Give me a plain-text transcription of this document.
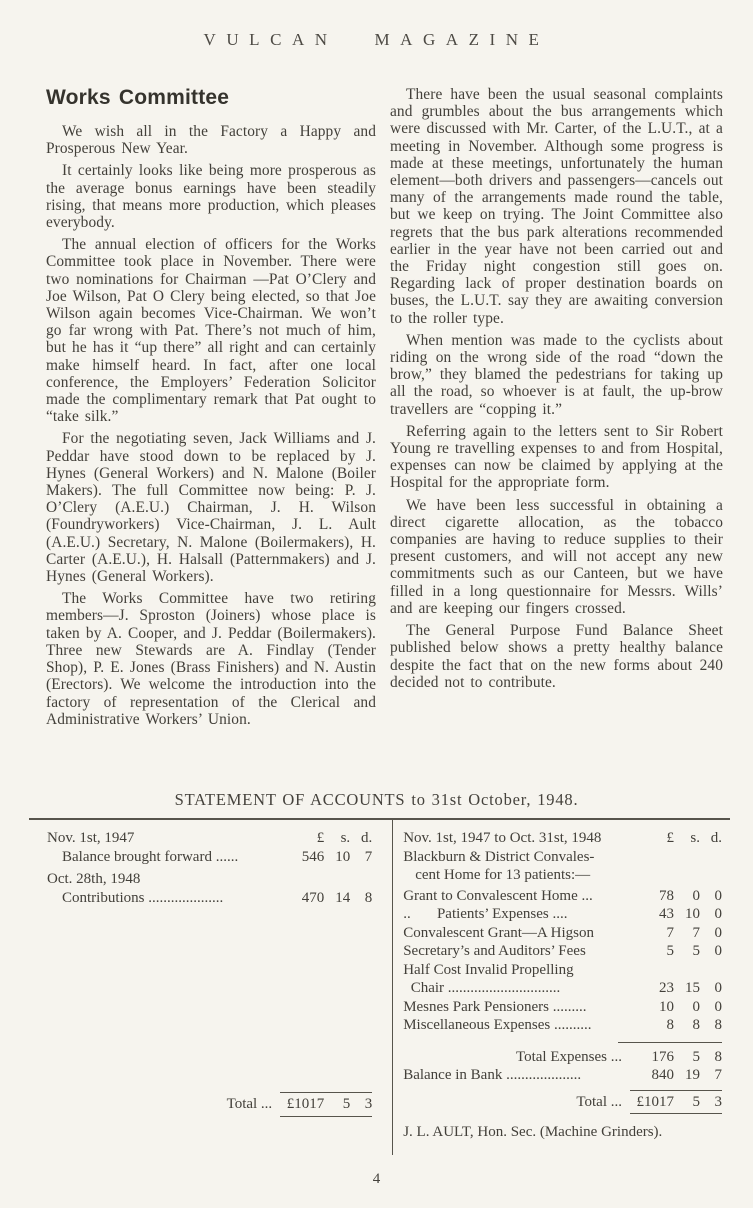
VULCAN MAGAZINE
Works Committee

We wish all in the Factory a Happy and Prosperous New Year.

It certainly looks like being more prosperous as the average bonus earnings have been steadily rising, that means more production, which pleases everybody.

The annual election of officers for the Works Committee took place in November. There were two nominations for Chairman —Pat O’Clery and Joe Wilson, Pat O Clery being elected, so that Joe Wilson again becomes Vice-Chairman. We won’t go far wrong with Pat. There’s not much of him, but he has it “up there” all right and can certainly make himself heard. In fact, after one local conference, the Employers’ Federation Solicitor made the complimentary remark that Pat ought to “take silk.”

For the negotiating seven, Jack Williams and J. Peddar have stood down to be replaced by J. Hynes (General Workers) and N. Malone (Boiler Makers). The full Committee now being: P. J. O’Clery (A.E.U.) Chairman, J. H. Wilson (Foundryworkers) Vice-Chairman, J. L. Ault (A.E.U.) Secretary, N. Malone (Boilermakers), H. Carter (A.E.U.), H. Halsall (Patternmakers) and J. Hynes (General Workers).

The Works Committee have two retiring members—J. Sproston (Joiners) whose place is taken by A. Cooper, and J. Peddar (Boilermakers). Three new Stewards are A. Findlay (Tender Shop), P. E. Jones (Brass Finishers) and N. Austin (Erectors). We welcome the introduction into the factory of representation of the Clerical and Administrative Workers’ Union.

There have been the usual seasonal complaints and grumbles about the bus arrangements which were discussed with Mr. Carter, of the L.U.T., at a meeting in November. Although some progress is made at these meetings, unfortunately the human element—both drivers and passengers—cancels out many of the arrangements made round the table, but we keep on trying. The Joint Committee also regrets that the bus park alterations recommended earlier in the year have not been carried out and the Friday night congestion still goes on. Regarding lack of proper destination boards on buses, the L.U.T. say they are awaiting conversion to the roller type.

When mention was made to the cyclists about riding on the wrong side of the road “down the brow,” they blamed the pedestrians for taking up all the road, so whoever is at fault, the up-brow travellers are “copping it.”

Referring again to the letters sent to Sir Robert Young re travelling expenses to and from Hospital, expenses can now be claimed by applying at the Hospital for the appropriate form.

We have been less successful in obtaining a direct cigarette allocation, as the tobacco companies are having to reduce supplies to their present customers, and will not accept any new commitments such as our Canteen, but we have filled in a long questionnaire for Messrs. Wills’ and are keeping our fingers crossed.

The General Purpose Fund Balance Sheet published below shows a pretty healthy balance despite the fact that on the new forms about 240 decided not to contribute.

STATEMENT OF ACCOUNTS to 31st October, 1948.
Nov. 1st, 1947	£	s. d.
Balance brought forward ......	546 10 7
Oct. 28th, 1948
Contributions ....................	470 14 8
Total ... £1017	5 3
Nov. 1st, 1947 to Oct. 31st, 1948	£	s. d.
Blackburn & District Convales-
cent Home for 13 patients:—
Grant to Convalescent Home ...	78	0 0
..       Patients’ Expenses ....	43 10 0
Convalescent Grant—A Higson	7	7 0
Secretary’s and Auditors’ Fees	5	5 0
Half Cost Invalid Propelling
Chair ..............................	23 15 0
Mesnes Park Pensioners .........	10	0 0
Miscellaneous Expenses ..........	8	8 8
Total Expenses ...	176	5 8
Balance in Bank ....................	840 19 7
Total ... £1017	5 3
J. L. AULT, Hon. Sec. (Machine Grinders).
4
